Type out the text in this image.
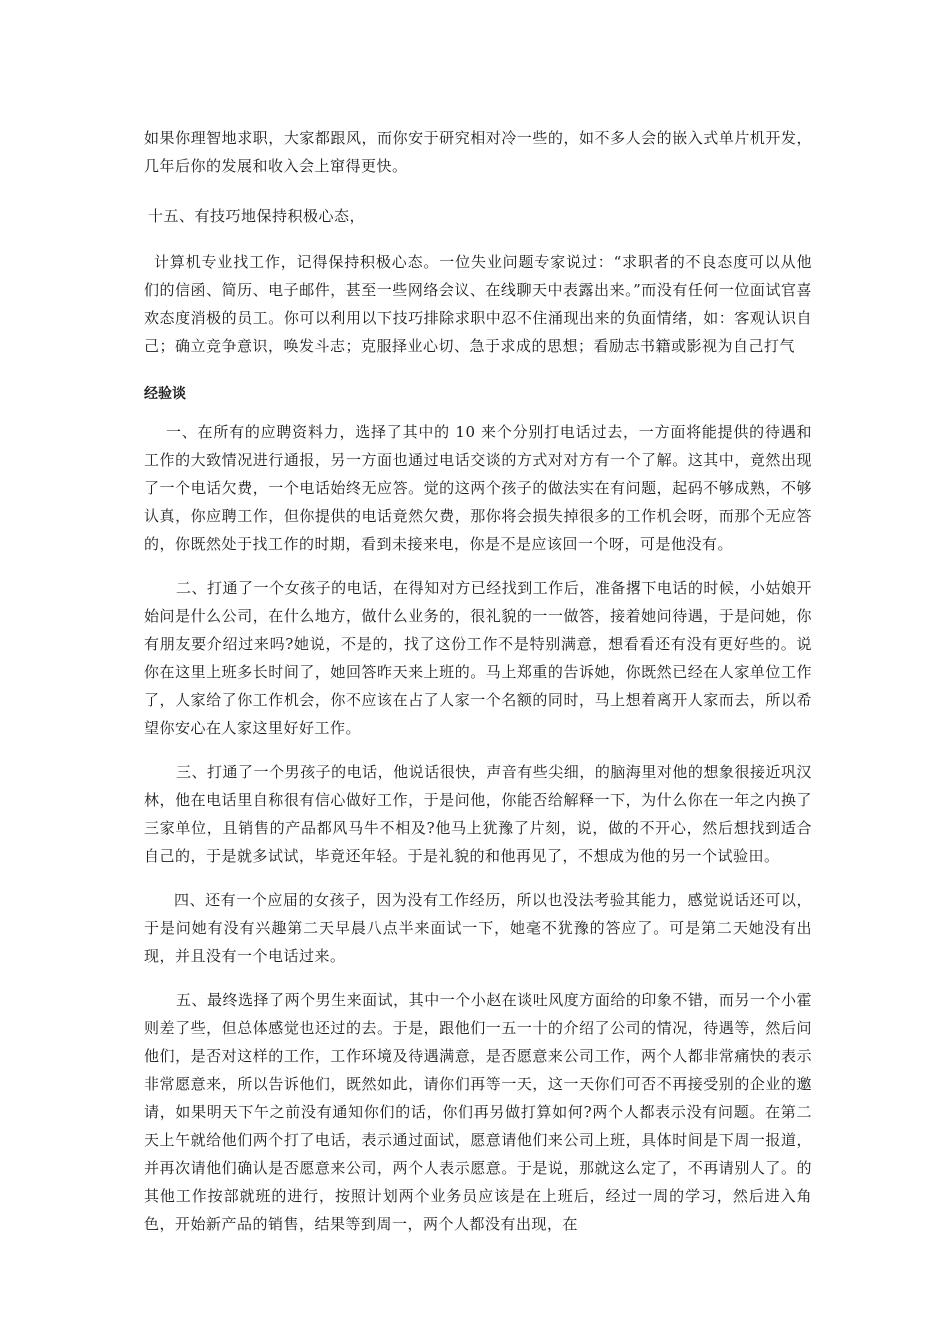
如果你理智地求职，大家都跟风，而你安于研究相对冷一些的，如不多人会的嵌入式单片机开发，几年后你的发展和收入会上窜得更快。

十五、有技巧地保持积极心态，

计算机专业找工作，记得保持积极心态。一位失业问题专家说过：“求职者的不良态度可以从他们的信函、简历、电子邮件，甚至一些网络会议、在线聊天中表露出来。”而没有任何一位面试官喜欢态度消极的员工。你可以利用以下技巧排除求职中忍不住涌现出来的负面情绪，如：客观认识自己；确立竞争意识，唤发斗志；克服择业心切、急于求成的思想；看励志书籍或影视为自己打气

经验谈

一、在所有的应聘资料力，选择了其中的 10 来个分别打电话过去，一方面将能提供的待遇和工作的大致情况进行通报，另一方面也通过电话交谈的方式对对方有一个了解。这其中，竟然出现了一个电话欠费，一个电话始终无应答。觉的这两个孩子的做法实在有问题，起码不够成熟，不够认真，你应聘工作，但你提供的电话竟然欠费，那你将会损失掉很多的工作机会呀，而那个无应答的，你既然处于找工作的时期，看到未接来电，你是不是应该回一个呀，可是他没有。

二、打通了一个女孩子的电话，在得知对方已经找到工作后，准备撂下电话的时候，小姑娘开始问是什么公司，在什么地方，做什么业务的，很礼貌的一一做答，接着她问待遇，于是问她，你有朋友要介绍过来吗?她说，不是的，找了这份工作不是特别满意，想看看还有没有更好些的。说你在这里上班多长时间了，她回答昨天来上班的。马上郑重的告诉她，你既然已经在人家单位工作了，人家给了你工作机会，你不应该在占了人家一个名额的同时，马上想着离开人家而去，所以希望你安心在人家这里好好工作。

三、打通了一个男孩子的电话，他说话很快，声音有些尖细，的脑海里对他的想象很接近巩汉林，他在电话里自称很有信心做好工作，于是问他，你能否给解释一下，为什么你在一年之内换了三家单位，且销售的产品都风马牛不相及?他马上犹豫了片刻，说，做的不开心，然后想找到适合自己的，于是就多试试，毕竟还年轻。于是礼貌的和他再见了，不想成为他的另一个试验田。

四、还有一个应届的女孩子，因为没有工作经历，所以也没法考验其能力，感觉说话还可以，于是问她有没有兴趣第二天早晨八点半来面试一下，她毫不犹豫的答应了。可是第二天她没有出现，并且没有一个电话过来。

五、最终选择了两个男生来面试，其中一个小赵在谈吐风度方面给的印象不错，而另一个小霍则差了些，但总体感觉也还过的去。于是，跟他们一五一十的介绍了公司的情况，待遇等，然后问他们，是否对这样的工作，工作环境及待遇满意，是否愿意来公司工作，两个人都非常痛快的表示非常愿意来，所以告诉他们，既然如此，请你们再等一天，这一天你们可否不再接受别的企业的邀请，如果明天下午之前没有通知你们的话，你们再另做打算如何?两个人都表示没有问题。在第二天上午就给他们两个打了电话，表示通过面试，愿意请他们来公司上班，具体时间是下周一报道，并再次请他们确认是否愿意来公司，两个人表示愿意。于是说，那就这么定了，不再请别人了。的其他工作按部就班的进行，按照计划两个业务员应该是在上班后，经过一周的学习，然后进入角色，开始新产品的销售，结果等到周一，两个人都没有出现，在
